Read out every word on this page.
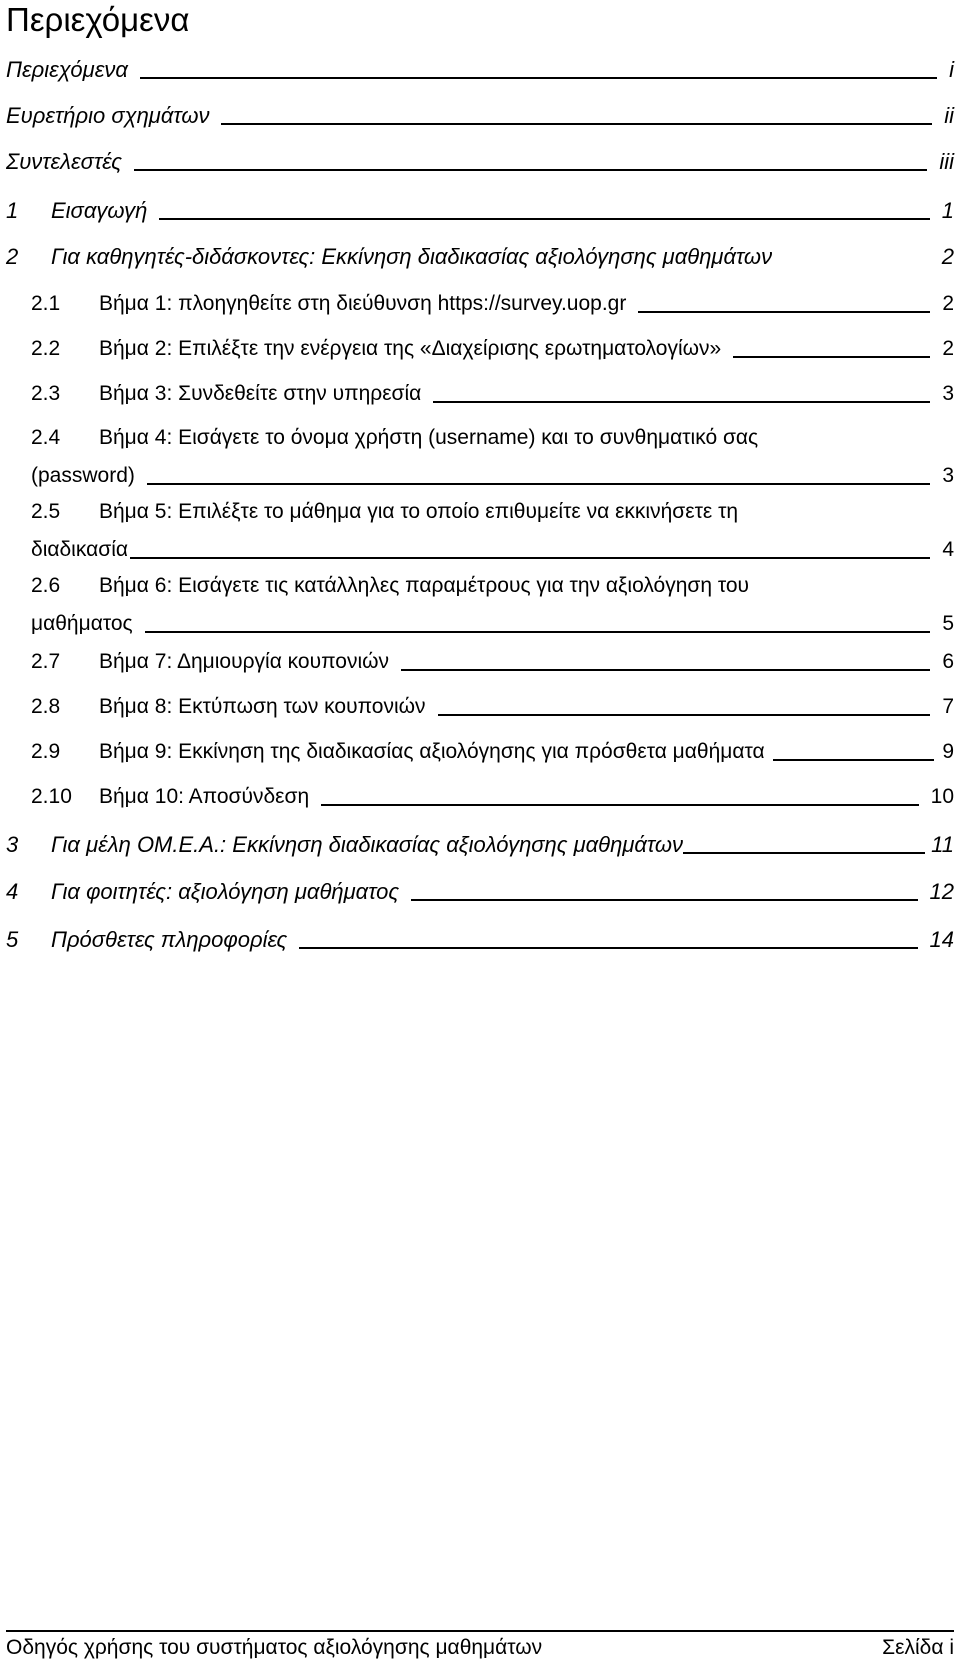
Περιεχόμενα
Περιεχόμενα	i
Ευρετήριο σχημάτων	ii
Συντελεστές	iii
1	Εισαγωγή	1
2	Για καθηγητές-διδάσκοντες: Εκκίνηση διαδικασίας αξιολόγησης μαθημάτων	2
2.1	Βήμα 1: πλοηγηθείτε στη διεύθυνση https://survey.uop.gr	2
2.2	Βήμα 2: Επιλέξτε την ενέργεια της «Διαχείρισης ερωτηματολογίων»	2
2.3	Βήμα 3: Συνδεθείτε στην υπηρεσία	3
2.4 Βήμα 4: Εισάγετε το όνομα χρήστη (username) και το συνθηματικό σας
(password)	3
2.5 Βήμα 5: Επιλέξτε το μάθημα για το οποίο επιθυμείτε να εκκινήσετε τη
διαδικασία	4
2.6 Βήμα 6: Εισάγετε τις κατάλληλες παραμέτρους για την αξιολόγηση του
μαθήματος	5
2.7	Βήμα 7: Δημιουργία κουπονιών	6
2.8	Βήμα 8: Εκτύπωση των κουπονιών	7
2.9	Βήμα 9: Εκκίνηση της διαδικασίας αξιολόγησης για πρόσθετα μαθήματα	9
2.10	Βήμα 10: Αποσύνδεση	10
3	Για μέλη ΟΜ.Ε.Α.: Εκκίνηση διαδικασίας αξιολόγησης μαθημάτων	11
4	Για φοιτητές: αξιολόγηση μαθήματος	12
5	Πρόσθετες πληροφορίες	14
Οδηγός χρήσης του συστήματος αξιολόγησης μαθημάτων	Σελίδα i
